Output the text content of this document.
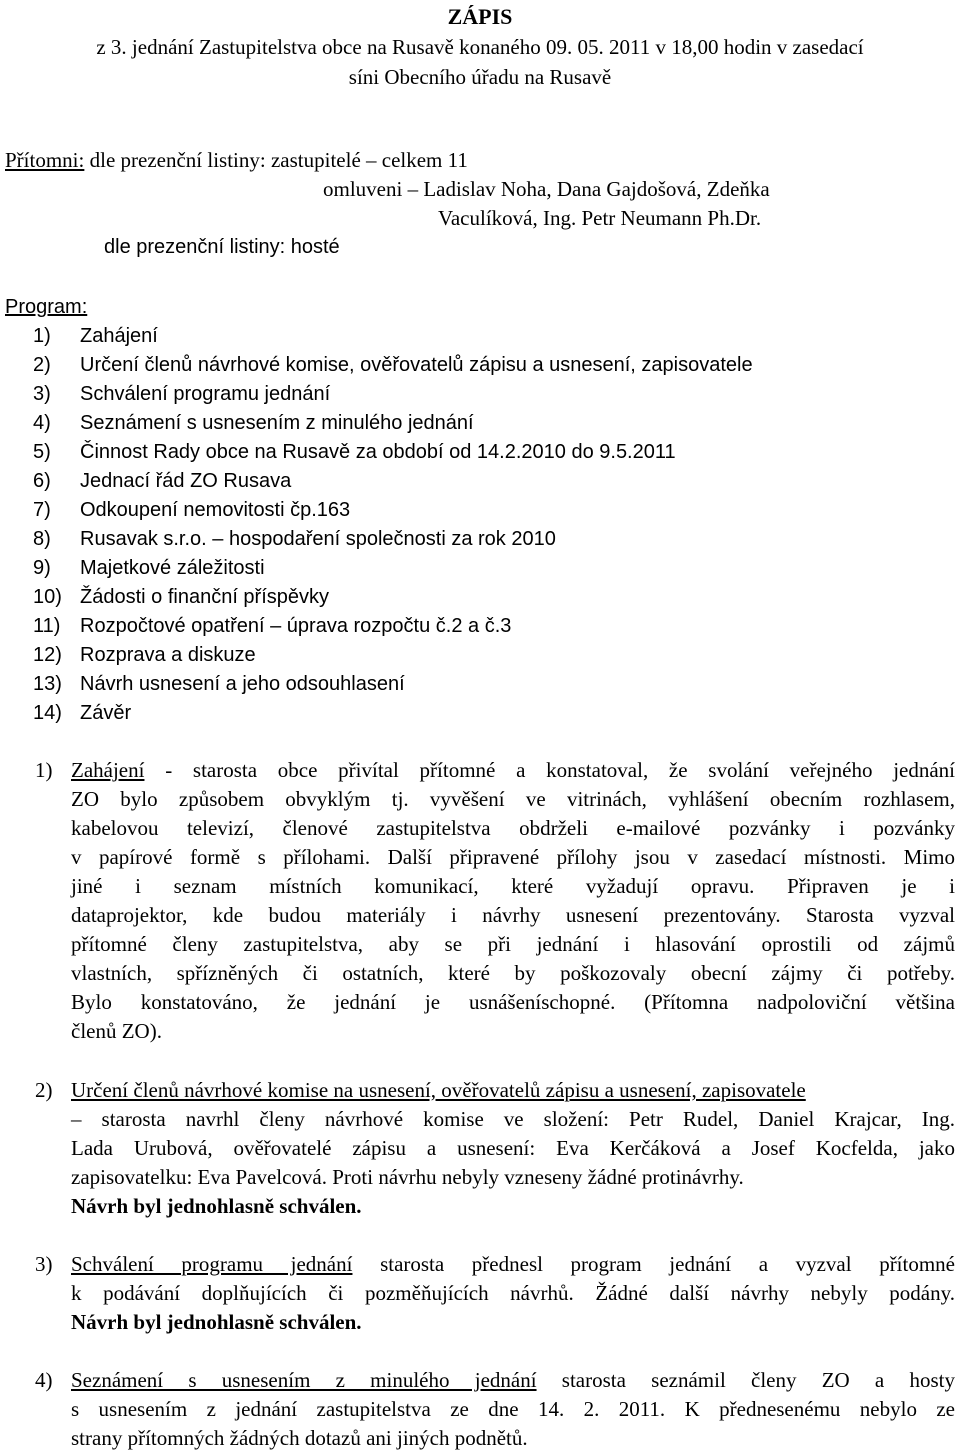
ZÁPIS
z 3. jednání Zastupitelstva obce na Rusavě konaného 09. 05. 2011 v 18,00 hodin v zasedací
síni Obecního úřadu na Rusavě
Přítomni: dle prezenční listiny: zastupitelé – celkem 11
omluveni – Ladislav Noha, Dana Gajdošová, Zdeňka
Vaculíková, Ing. Petr Neumann Ph.Dr.
dle prezenční listiny: hosté
Program:
1) Zahájení
2) Určení členů návrhové komise, ověřovatelů zápisu a usnesení, zapisovatele
3) Schválení programu jednání
4) Seznámení s usnesením z minulého jednání
5) Činnost Rady obce na Rusavě za období od 14.2.2010 do 9.5.2011
6) Jednací řád ZO Rusava
7) Odkoupení nemovitosti čp.163
8) Rusavak s.r.o. – hospodaření společnosti za rok 2010
9) Majetkové záležitosti
10) Žádosti o finanční příspěvky
11) Rozpočtové opatření – úprava rozpočtu č.2 a č.3
12) Rozprava a diskuze
13) Návrh usnesení a jeho odsouhlasení
14) Závěr
1) Zahájení - starosta obce přivítal přítomné a konstatoval, že svolání veřejného jednání
ZO bylo způsobem obvyklým tj. vyvěšení ve vitrinách, vyhlášení obecním rozhlasem,
kabelovou televizí, členové zastupitelstva obdrželi e-mailové pozvánky i pozvánky
v papírové formě s přílohami. Další připravené přílohy jsou v zasedací místnosti. Mimo
jiné i seznam místních komunikací, které vyžadují opravu. Připraven je i
dataprojektor, kde budou materiály i návrhy usnesení prezentovány. Starosta vyzval
přítomné členy zastupitelstva, aby se při jednání i hlasování oprostili od zájmů
vlastních, spřízněných či ostatních, které by poškozovaly obecní zájmy či potřeby.
Bylo konstatováno, že jednání je usnášeníschopné. (Přítomna nadpoloviční většina
členů ZO).
2) Určení členů návrhové komise na usnesení, ověřovatelů zápisu a usnesení, zapisovatele
– starosta navrhl členy návrhové komise ve složení: Petr Rudel, Daniel Krajcar, Ing.
Lada Urubová, ověřovatelé zápisu a usnesení: Eva Kerčáková a Josef Kocfelda, jako
zapisovatelku: Eva Pavelcová. Proti návrhu nebyly vzneseny žádné protinávrhy.
Návrh byl jednohlasně schválen.
3) Schválení programu jednání starosta přednesl program jednání a vyzval přítomné
k podávání doplňujících či pozměňujících návrhů. Žádné další návrhy nebyly podány.
Návrh byl jednohlasně schválen.
4) Seznámení s usnesením z minulého jednání starosta seznámil členy ZO a hosty
s usnesením z jednání zastupitelstva ze dne 14. 2. 2011. K přednesenému nebylo ze
strany přítomných žádných dotazů ani jiných podnětů.
